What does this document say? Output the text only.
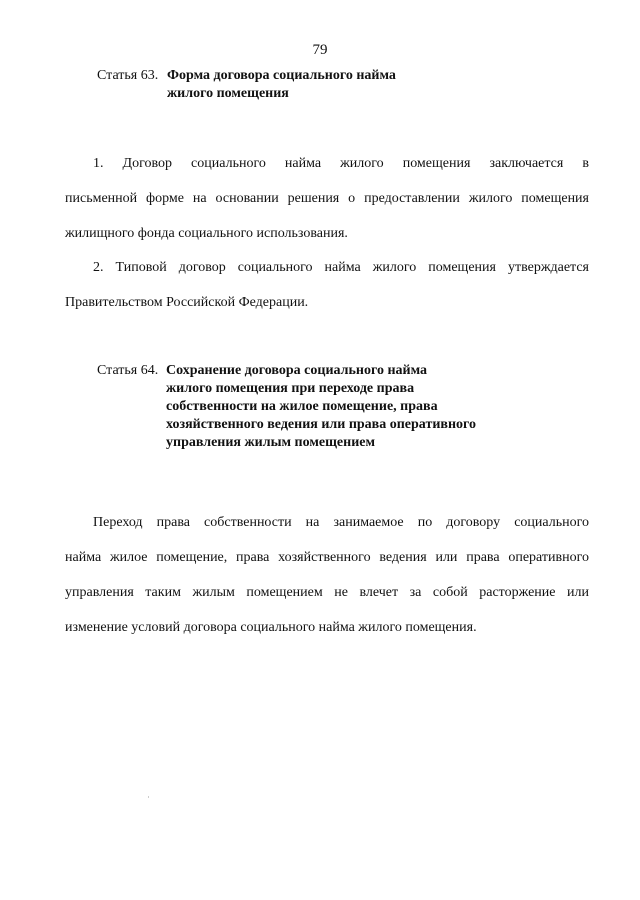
79
Статья 63. Форма договора социального найма
жилого помещения
1. Договор социального найма жилого помещения заключается в
письменной форме на основании решения о предоставлении жилого помещения
жилищного фонда социального использования.
2. Типовой договор социального найма жилого помещения утверждается
Правительством Российской Федерации.
Статья 64. Сохранение договора социального найма
жилого помещения при переходе права
собственности на жилое помещение, права
хозяйственного ведения или права оперативного
управления жилым помещением
Переход права собственности на занимаемое по договору социального
найма жилое помещение, права хозяйственного ведения или права оперативного
управления таким жилым помещением не влечет за собой расторжение или
изменение условий договора социального найма жилого помещения.
